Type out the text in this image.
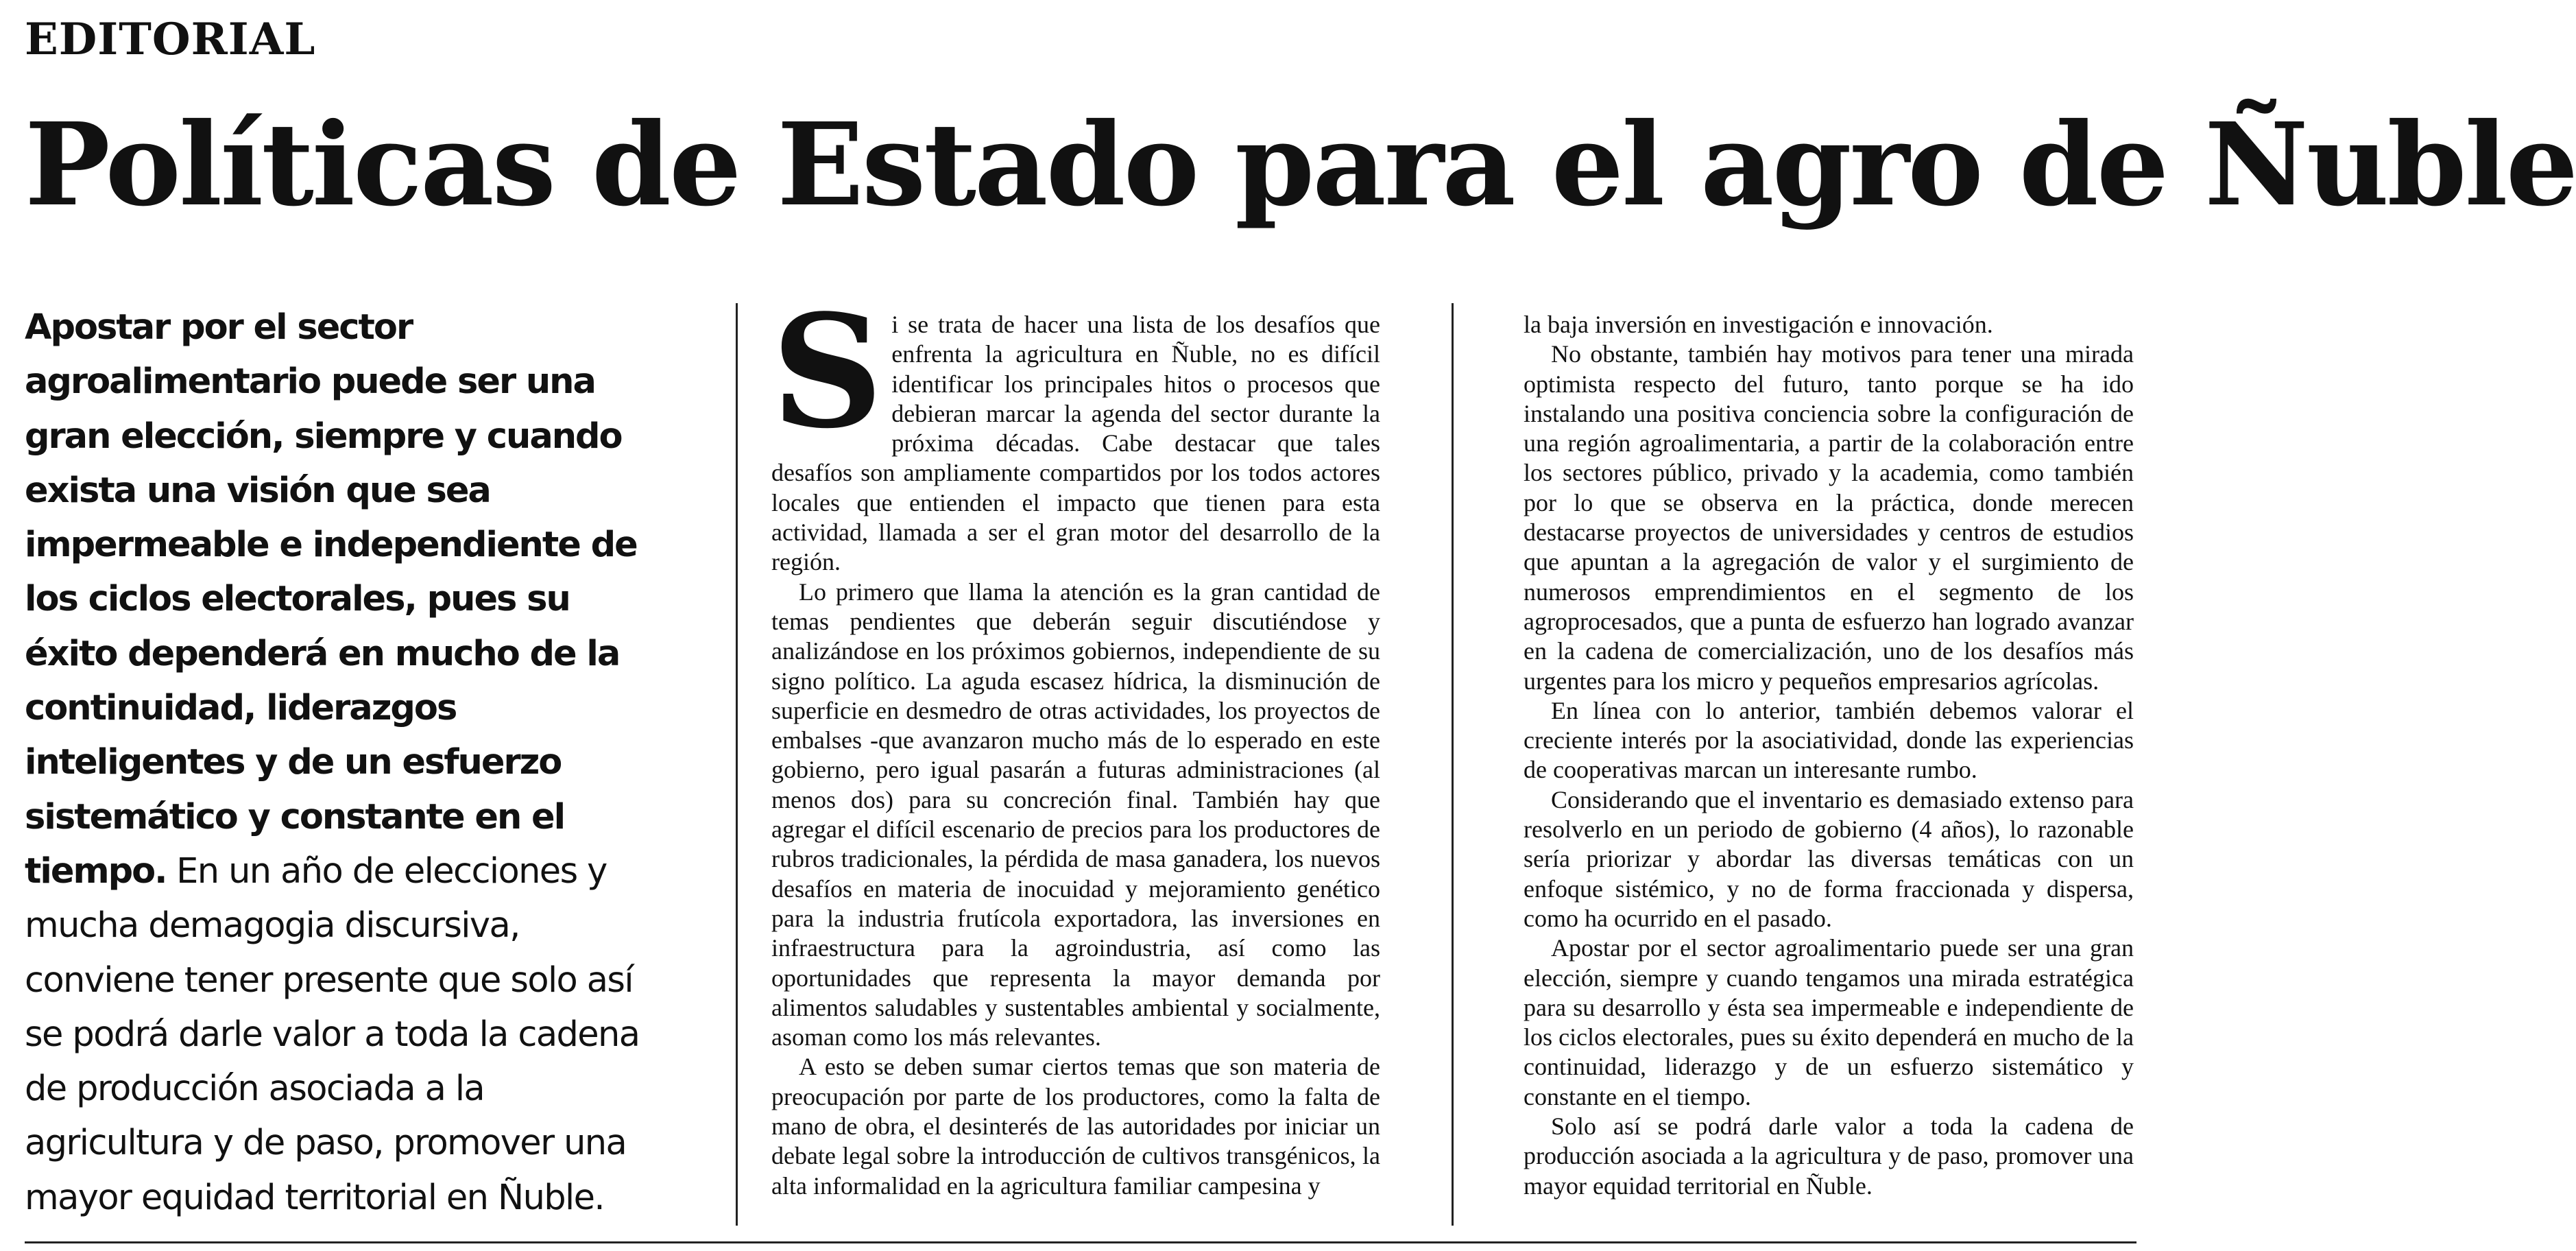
EDITORIAL
Políticas de Estado para el agro de Ñuble
Apostar por el sector agroalimentario puede ser una gran elección, siempre y cuando exista una visión que sea impermeable e independiente de los ciclos electorales, pues su éxito dependerá en mucho de la continuidad, liderazgos inteligentes y de un esfuerzo sistemático y constante en el tiempo. En un año de elecciones y mucha demagogia discursiva, conviene tener presente que solo así se podrá darle valor a toda la cadena de producción asociada a la agricultura y de paso, promover una mayor equidad territorial en Ñuble.

Si se trata de hacer una lista de los desafíos que enfrenta la agricultura en Ñuble, no es difícil identificar los principales hitos o procesos que debieran marcar la agenda del sector durante la próxima décadas. Cabe destacar que tales desafíos son ampliamente compartidos por los todos actores locales que entienden el impacto que tienen para esta actividad, llamada a ser el gran motor del desarrollo de la región.

Lo primero que llama la atención es la gran cantidad de temas pendientes que deberán seguir discutiéndose y analizándose en los próximos gobiernos, independiente de su signo político. La aguda escasez hídrica, la disminución de superficie en desmedro de otras actividades, los proyectos de embalses -que avanzaron mucho más de lo esperado en este gobierno, pero igual pasarán a futuras administraciones (al menos dos) para su concreción final. También hay que agregar el difícil escenario de precios para los productores de rubros tradicionales, la pérdida de masa ganadera, los nuevos desafíos en materia de inocuidad y mejoramiento genético para la industria frutícola exportadora, las inversiones en infraestructura para la agroindustria, así como las oportunidades que representa la mayor demanda por alimentos saludables y sustentables ambiental y socialmente, asoman como los más relevantes.

A esto se deben sumar ciertos temas que son materia de preocupación por parte de los productores, como la falta de mano de obra, el desinterés de las autoridades por iniciar un debate legal sobre la introducción de cultivos transgénicos, la alta informalidad en la agricultura familiar campesina y

la baja inversión en investigación e innovación.

No obstante, también hay motivos para tener una mirada optimista respecto del futuro, tanto porque se ha ido instalando una positiva conciencia sobre la configuración de una región agroalimentaria, a partir de la colaboración entre los sectores público, privado y la academia, como también por lo que se observa en la práctica, donde merecen destacarse proyectos de universidades y centros de estudios que apuntan a la agregación de valor y el surgimiento de numerosos emprendimientos en el segmento de los agroprocesados, que a punta de esfuerzo han logrado avanzar en la cadena de comercialización, uno de los desafíos más urgentes para los micro y pequeños empresarios agrícolas.

En línea con lo anterior, también debemos valorar el creciente interés por la asociatividad, donde las experiencias de cooperativas marcan un interesante rumbo.

Considerando que el inventario es demasiado extenso para resolverlo en un periodo de gobierno (4 años), lo razonable sería priorizar y abordar las diversas temáticas con un enfoque sistémico, y no de forma fraccionada y dispersa, como ha ocurrido en el pasado.

Apostar por el sector agroalimentario puede ser una gran elección, siempre y cuando tengamos una mirada estratégica para su desarrollo y ésta sea impermeable e independiente de los ciclos electorales, pues su éxito dependerá en mucho de la continuidad, liderazgo y de un esfuerzo sistemático y constante en el tiempo.

Solo así se podrá darle valor a toda la cadena de producción asociada a la agricultura y de paso, promover una mayor equidad territorial en Ñuble.
